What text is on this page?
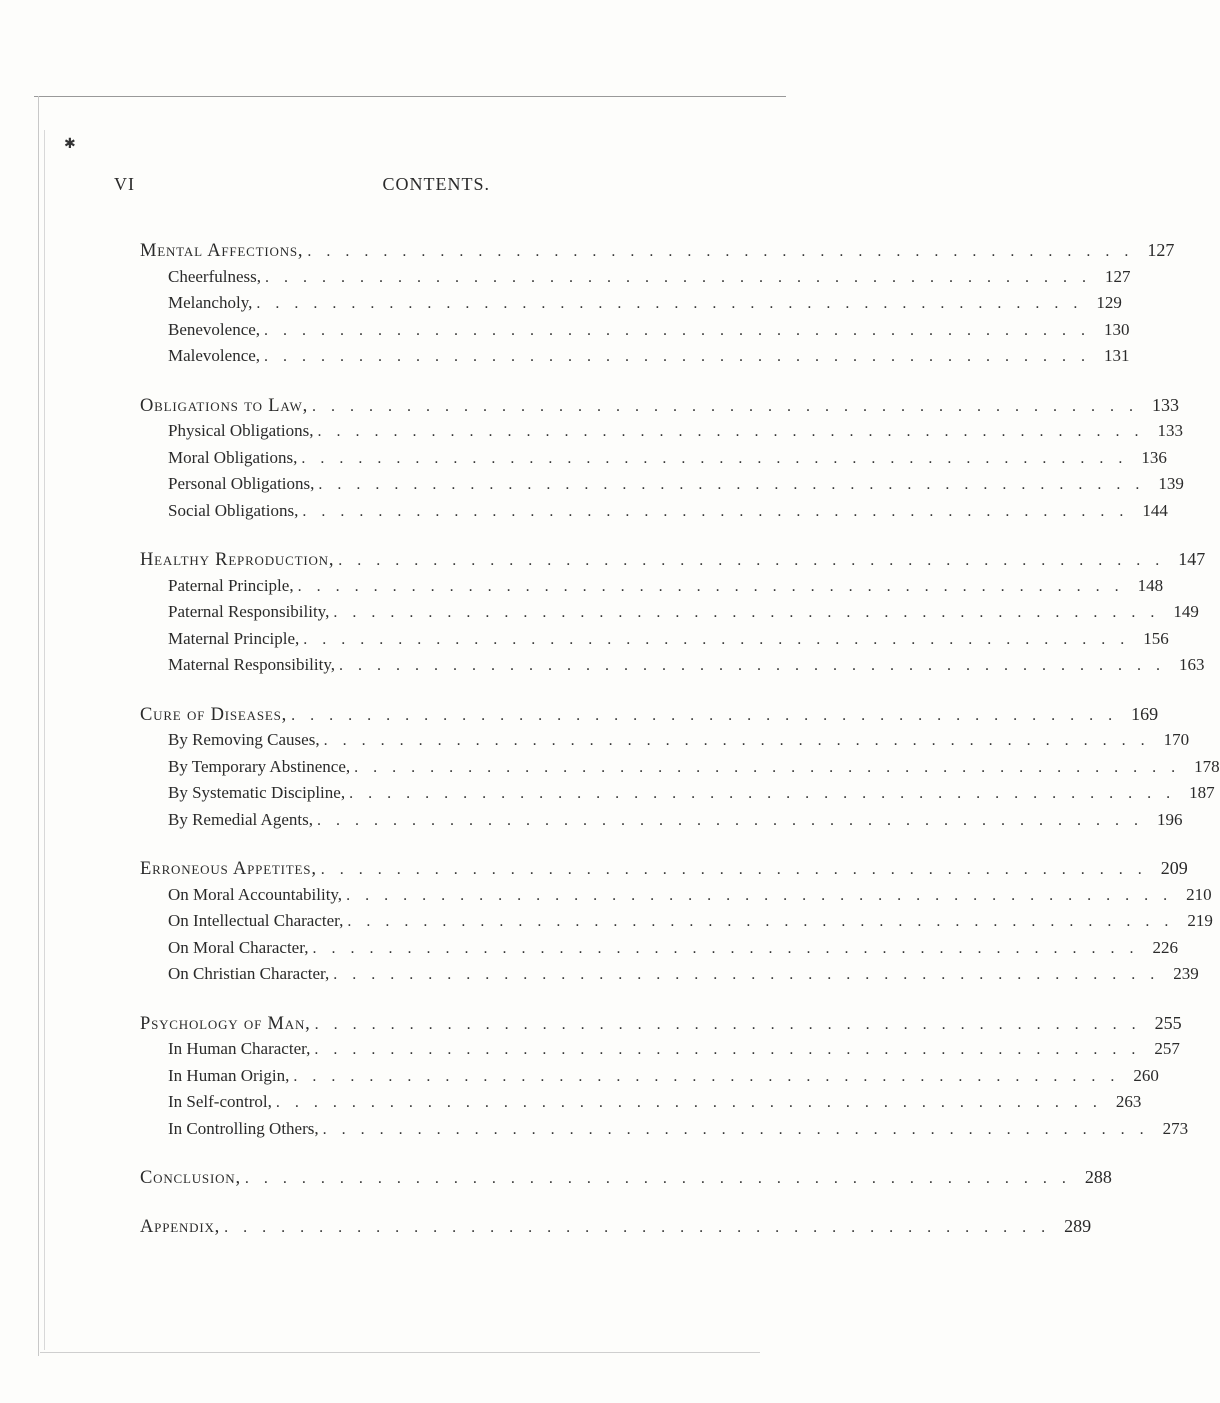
✱
VI	CONTENTS.
Mental Affections, ............................................ 127
Cheerfulness, ............................................ 127
Melancholy, ............................................ 129
Benevolence, ............................................ 130
Malevolence, ............................................ 131
Obligations to Law, ............................................ 133
Physical Obligations, ............................................ 133
Moral Obligations, ............................................ 136
Personal Obligations, ............................................ 139
Social Obligations, ............................................ 144
Healthy Reproduction, ............................................ 147
Paternal Principle, ............................................ 148
Paternal Responsibility, ............................................ 149
Maternal Principle, ............................................ 156
Maternal Responsibility, ............................................ 163
Cure of Diseases, ............................................ 169
By Removing Causes, ............................................ 170
By Temporary Abstinence, ............................................ 178
By Systematic Discipline, ............................................ 187
By Remedial Agents, ............................................ 196
Erroneous Appetites, ............................................ 209
On Moral Accountability, ............................................ 210
On Intellectual Character, ............................................ 219
On Moral Character, ............................................ 226
On Christian Character, ............................................ 239
Psychology of Man, ............................................ 255
In Human Character, ............................................ 257
In Human Origin, ............................................ 260
In Self-control, ............................................ 263
In Controlling Others, ............................................ 273
Conclusion, ............................................ 288
Appendix, ............................................ 289
